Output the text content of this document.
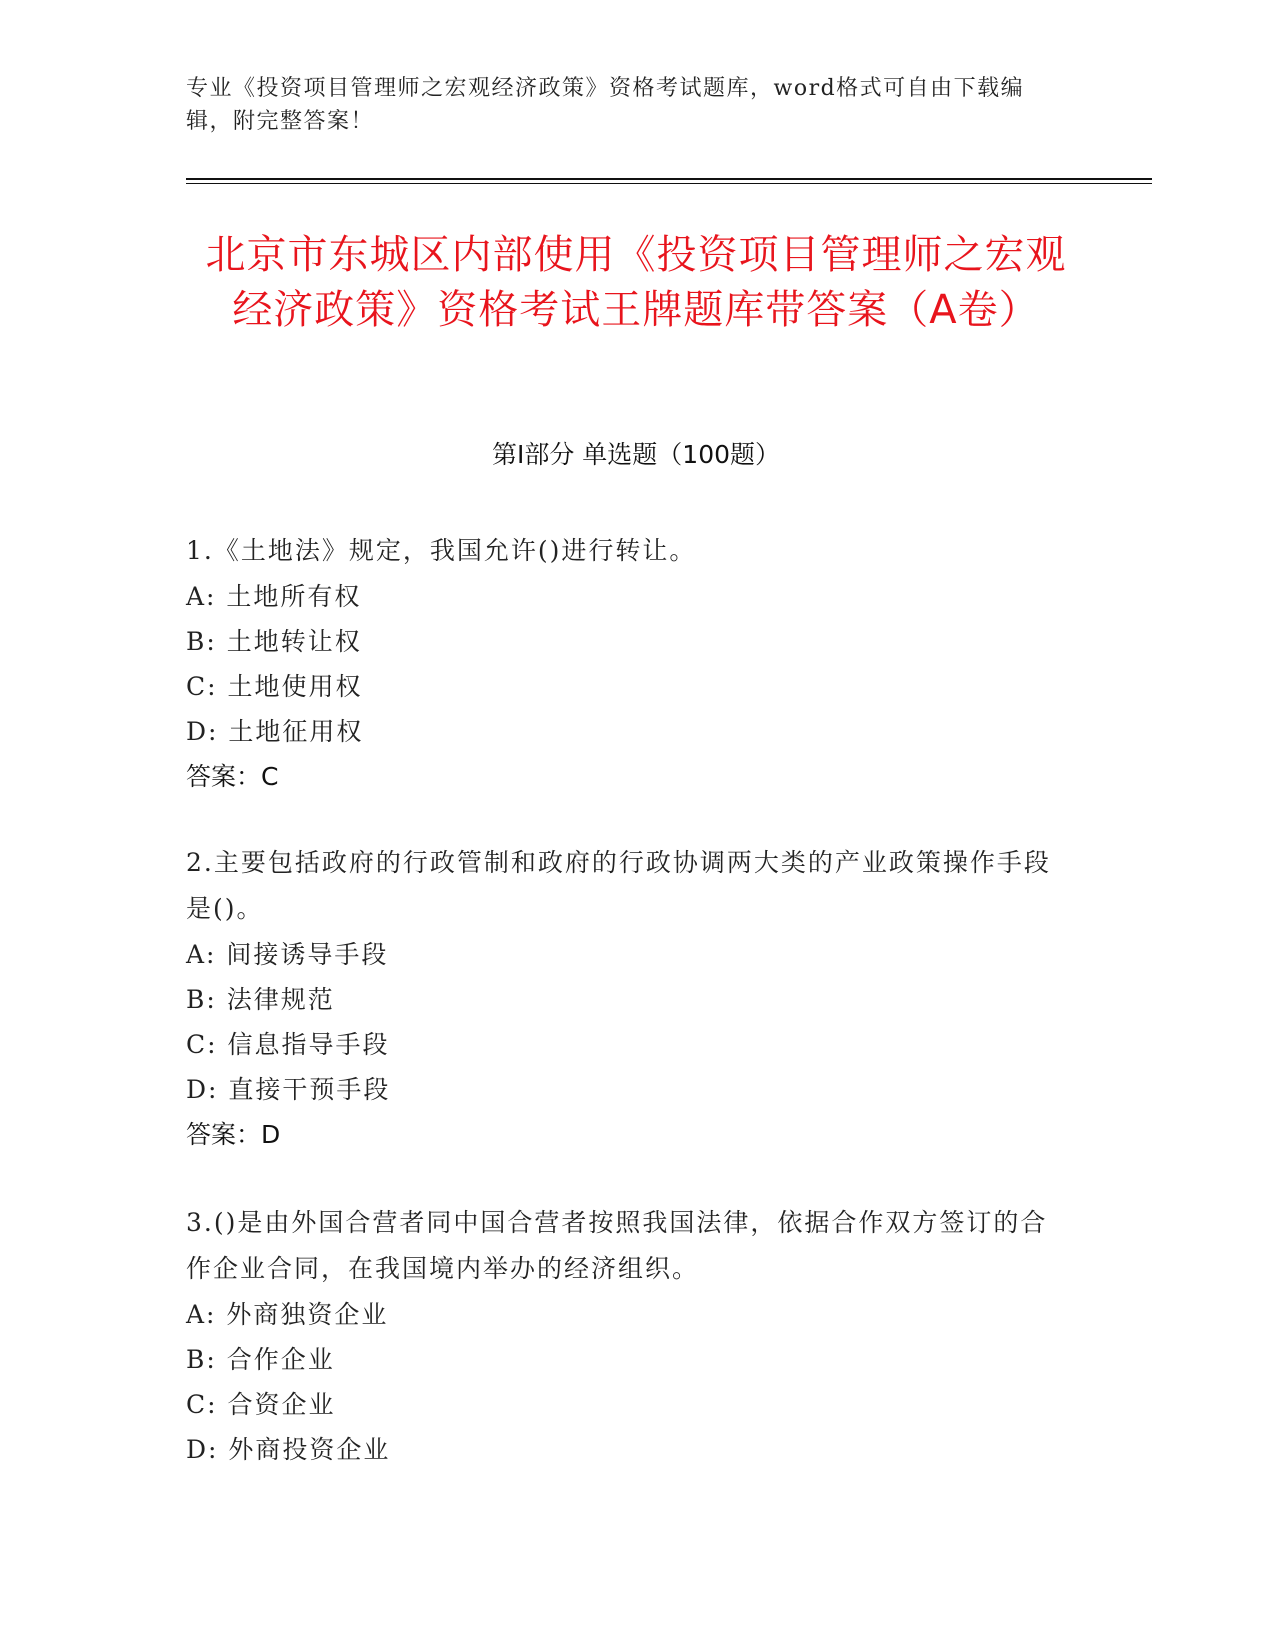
专业《投资项目管理师之宏观经济政策》资格考试题库，word格式可自由下载编辑，附完整答案！
北京市东城区内部使用《投资项目管理师之宏观经济政策》资格考试王牌题库带答案（A卷）
第I部分 单选题（100题）
1.《土地法》规定，我国允许()进行转让。
A: 土地所有权
B: 土地转让权
C: 土地使用权
D: 土地征用权
答案：C
2.主要包括政府的行政管制和政府的行政协调两大类的产业政策操作手段是()。
A: 间接诱导手段
B: 法律规范
C: 信息指导手段
D: 直接干预手段
答案：D
3.()是由外国合营者同中国合营者按照我国法律，依据合作双方签订的合作企业合同，在我国境内举办的经济组织。
A: 外商独资企业
B: 合作企业
C: 合资企业
D: 外商投资企业
